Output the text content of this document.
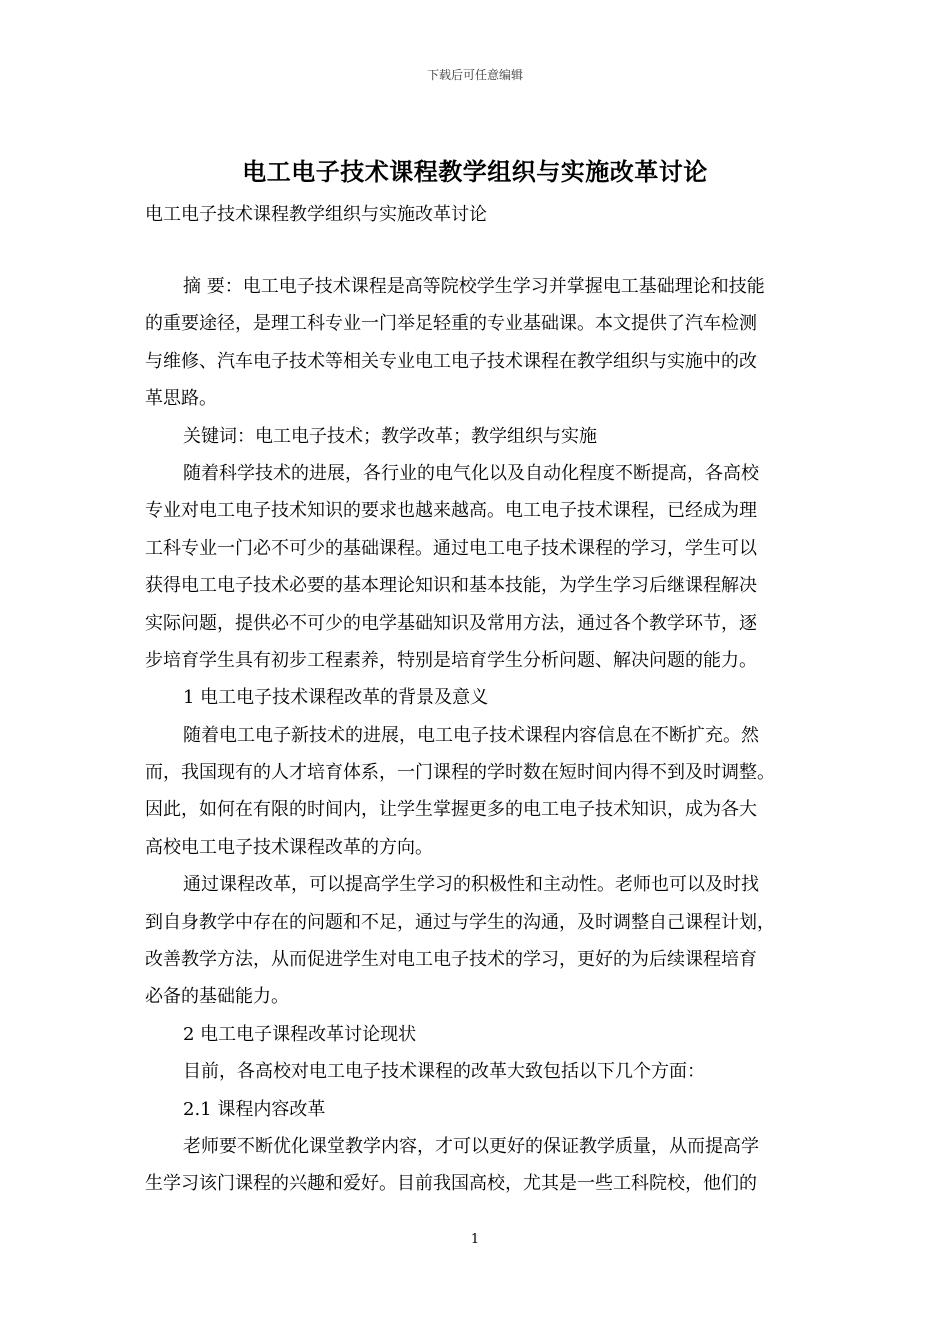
下载后可任意编辑
电工电子技术课程教学组织与实施改革讨论
电工电子技术课程教学组织与实施改革讨论
摘 要：电工电子技术课程是高等院校学生学习并掌握电工基础理论和技能
的重要途径，是理工科专业一门举足轻重的专业基础课。本文提供了汽车检测
与维修、汽车电子技术等相关专业电工电子技术课程在教学组织与实施中的改
革思路。
关键词：电工电子技术；教学改革；教学组织与实施
随着科学技术的进展，各行业的电气化以及自动化程度不断提高，各高校
专业对电工电子技术知识的要求也越来越高。电工电子技术课程，已经成为理
工科专业一门必不可少的基础课程。通过电工电子技术课程的学习，学生可以
获得电工电子技术必要的基本理论知识和基本技能，为学生学习后继课程解决
实际问题，提供必不可少的电学基础知识及常用方法，通过各个教学环节，逐
步培育学生具有初步工程素养，特别是培育学生分析问题、解决问题的能力。
1 电工电子技术课程改革的背景及意义
随着电工电子新技术的进展，电工电子技术课程内容信息在不断扩充。然
而，我国现有的人才培育体系，一门课程的学时数在短时间内得不到及时调整。
因此，如何在有限的时间内，让学生掌握更多的电工电子技术知识，成为各大
高校电工电子技术课程改革的方向。
通过课程改革，可以提高学生学习的积极性和主动性。老师也可以及时找
到自身教学中存在的问题和不足，通过与学生的沟通，及时调整自己课程计划，
改善教学方法，从而促进学生对电工电子技术的学习，更好的为后续课程培育
必备的基础能力。
2 电工电子课程改革讨论现状
目前，各高校对电工电子技术课程的改革大致包括以下几个方面：
2.1 课程内容改革
老师要不断优化课堂教学内容，才可以更好的保证教学质量，从而提高学
生学习该门课程的兴趣和爱好。目前我国高校，尤其是一些工科院校，他们的
1
